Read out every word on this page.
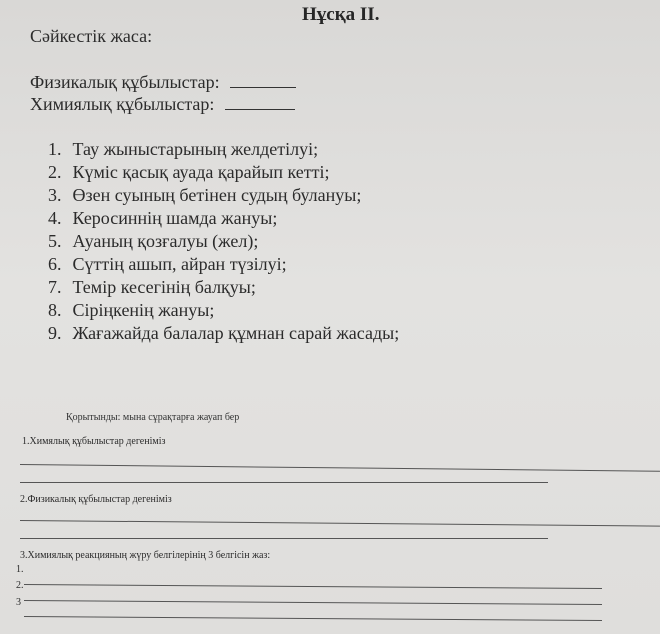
Нұсқа II.
Сәйкестік жаса:
Физикалық құбылыстар:
Химиялық құбылыстар:
1. Тау жыныстарының желдетілуі;
2. Күміс қасық ауада қарайып кетті;
3. Өзен суының бетінен судың булануы;
4. Керосиннің шамда жануы;
5. Ауаның қозғалуы (жел);
6. Сүттің ашып, айран түзілуі;
7. Темір кесегінің балқуы;
8. Сіріңкенің жануы;
9. Жағажайда балалар құмнан сарай жасады;
Қорытынды: мына сұрақтарға жауап бер
1.Химялық құбылыстар дегеніміз
2.Физикалық құбылыстар дегеніміз
3.Химиялық реакцияның жүру белгілерінің 3 белгісін жаз:
1.
2.
3
